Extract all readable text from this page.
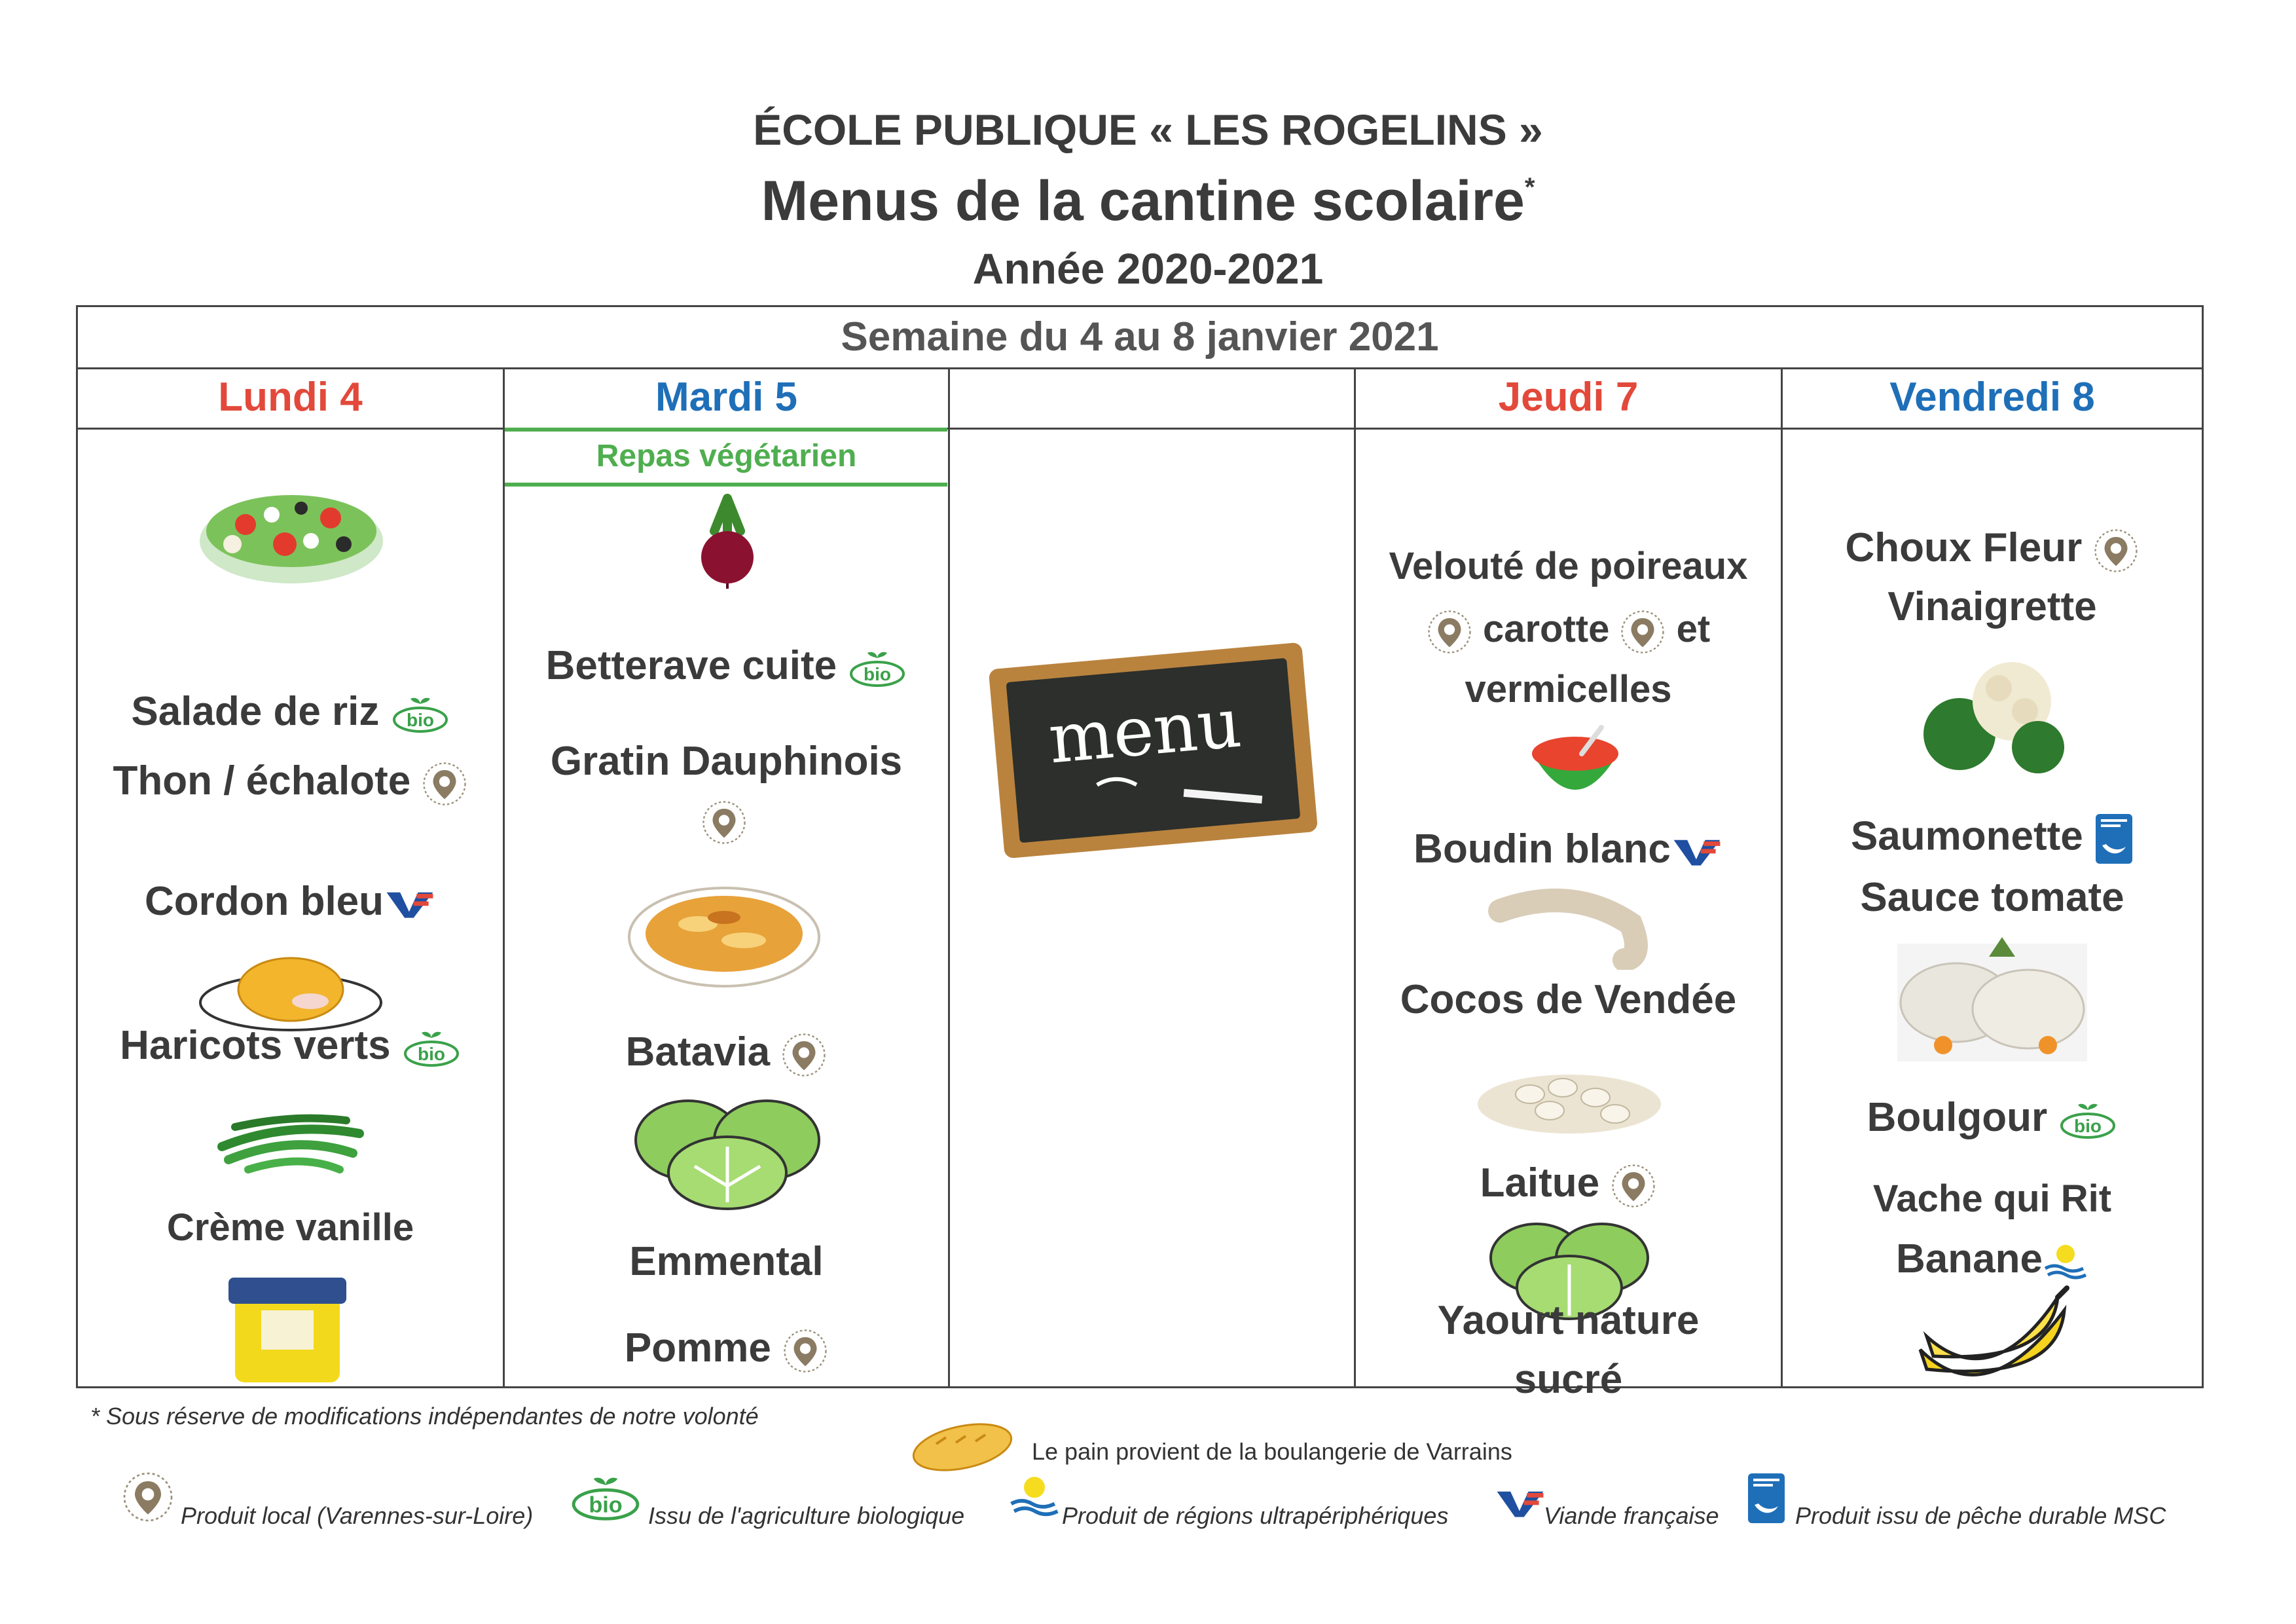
ÉCOLE PUBLIQUE « LES ROGELINS »
Menus de la cantine scolaire*
Année 2020-2021
Semaine du 4 au 8 janvier 2021
Lundi 4
Salade de riz
Thon / échalote
Cordon bleu
Haricots verts
Crème vanille
Mardi 5
Repas végétarien
Betterave cuite
Gratin Dauphinois
Batavia
Emmental
Pomme
menu
Jeudi 7
Velouté de poireaux
carotte et
vermicelles
Boudin blanc
Cocos de Vendée
Laitue
Yaourt nature
sucré
Vendredi 8
Choux Fleur
Vinaigrette
Saumonette
Sauce tomate
Boulgour
Vache qui Rit
Banane
* Sous réserve de modifications indépendantes de notre volonté
Le pain provient de la boulangerie de Varrains
Produit local (Varennes-sur-Loire)	Issu de l'agriculture biologique	Produit de régions ultrapériphériques	Viande française	Produit issu de pêche durable MSC
